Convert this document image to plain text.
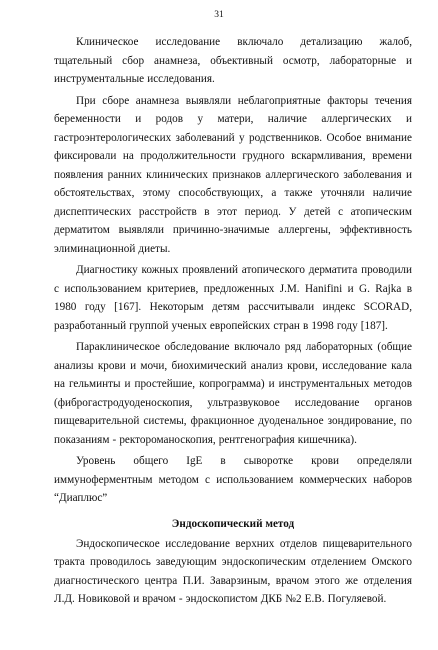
31

Клиническое исследование включало детализацию жалоб, тщательный сбор анамнеза, объективный осмотр, лабораторные и инструментальные исследования.

При сборе анамнеза выявляли неблагоприятные факторы течения беременности и родов у матери, наличие аллергических и гастроэнтерологических заболеваний у родственников. Особое внимание фиксировали на продолжительности грудного вскармливания, времени появления ранних клинических признаков аллергического заболевания и обстоятельствах, этому способствующих, а также уточняли наличие диспептических расстройств в этот период. У детей с атопическим дерматитом выявляли причинно-значимые аллергены, эффективность элиминационной диеты.

Диагностику кожных проявлений атопического дерматита проводили с использованием критериев, предложенных J.M. Hanifini и G. Rajka в 1980 году [167]. Некоторым детям рассчитывали индекс SCORAD, разработанный группой ученых европейских стран в 1998 году [187].

Параклиническое обследование включало ряд лабораторных (общие анализы крови и мочи, биохимический анализ крови, исследование кала на гельминты и простейшие, копрограмма) и инструментальных методов (фиброгастродуоденоскопия, ультразвуковое исследование органов пищеварительной системы, фракционное дуоденальное зондирование, по показаниям - ректороманоскопия, рентгенография кишечника).

Уровень общего IgE в сыворотке крови определяли иммуноферментным методом с использованием коммерческих наборов “Диаплюс”

Эндоскопический метод

Эндоскопическое исследование верхних отделов пищеварительного тракта проводилось заведующим эндоскопическим отделением Омского диагностического центра П.И. Заварзиным, врачом этого же отделения Л.Д. Новиковой и врачом - эндоскопистом ДКБ №2 Е.В. Погуляевой.
